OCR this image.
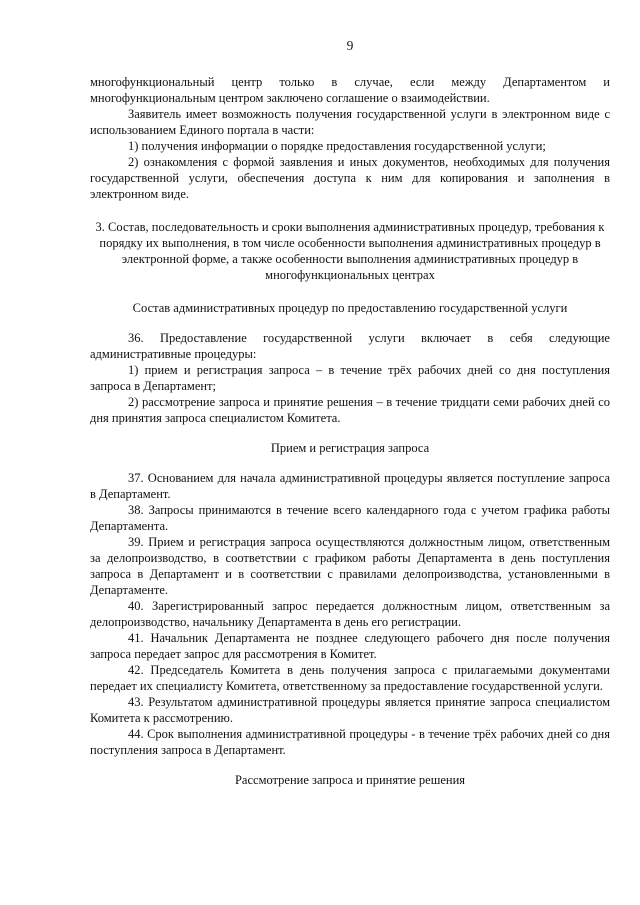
9

многофункциональный центр только в случае, если между Департаментом и многофункциональным центром заключено соглашение о взаимодействии.

Заявитель имеет возможность получения государственной услуги в электронном виде с использованием Единого портала в части:

1) получения информации о порядке предоставления государственной услуги;

2) ознакомления с формой заявления и иных документов, необходимых для получения государственной услуги, обеспечения доступа к ним для копирования и заполнения в электронном виде.

3. Состав, последовательность и сроки выполнения административных процедур, требования к порядку их выполнения, в том числе особенности выполнения административных процедур в электронной форме, а также особенности выполнения административных процедур в многофункциональных центрах

Состав административных процедур по предоставлению государственной услуги

36. Предоставление государственной услуги включает в себя следующие административные процедуры:

1) прием и регистрация запроса – в течение трёх рабочих дней со дня поступления запроса в Департамент;

2) рассмотрение запроса и принятие решения – в течение тридцати семи рабочих дней со дня принятия запроса специалистом Комитета.

Прием и регистрация запроса

37. Основанием для начала административной процедуры является поступление запроса в Департамент.

38. Запросы принимаются в течение всего календарного года с учетом графика работы Департамента.

39. Прием и регистрация запроса осуществляются должностным лицом, ответственным за делопроизводство, в соответствии с графиком работы Департамента в день поступления запроса в Департамент и в соответствии с правилами делопроизводства, установленными в Департаменте.

40. Зарегистрированный запрос передается должностным лицом, ответственным за делопроизводство, начальнику Департамента в день его регистрации.

41. Начальник Департамента не позднее следующего рабочего дня после получения запроса передает запрос для рассмотрения в Комитет.

42. Председатель Комитета в день получения запроса с прилагаемыми документами передает их специалисту Комитета, ответственному за предоставление государственной услуги.

43. Результатом административной процедуры является принятие запроса специалистом Комитета к рассмотрению.

44. Срок выполнения административной процедуры - в течение трёх рабочих дней со дня поступления запроса в Департамент.

Рассмотрение запроса и принятие решения
